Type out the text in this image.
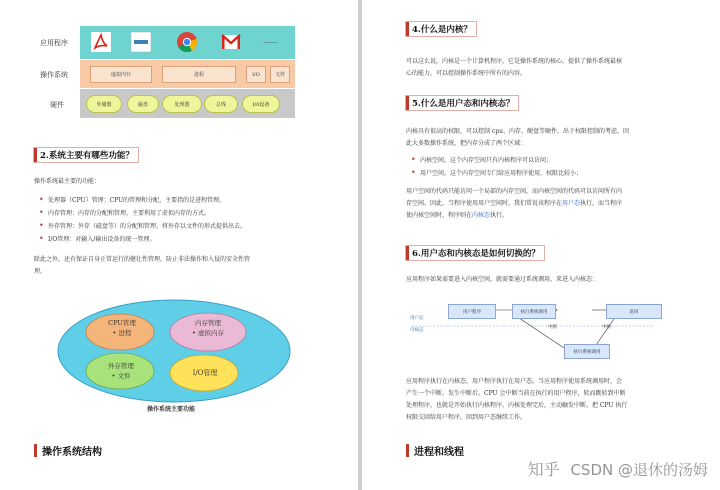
应用程序
操作系统
硬件
……
虚拟内存	进程	I/O	文件
外储器	磁盘	处理器	总线	I/0设备
2.系统主要有哪些功能？
操作系统最主要的功能：
• 处理器（CPU）管理：CPU的管理和分配，主要指的是进程管理。
• 内存管理：内存的分配和管理，主要利用了虚拟内存的方式。
• 外存管理：外存（磁盘等）的分配和管理，将外存以文件的形式提供出去。
• I/O管理：对输入/输出设备的统一管理。
除此之外，还有保证自身正常运行的健壮性管理，防止非法操作和入侵的安全性管
理。
CPU管理
• 进程
内存管理
• 虚拟内存
外存管理
• 文件	I/O管理
操作系统主要功能
操作系统结构
4.什么是内核？
可以这么说，内核是一个计算机程序，它是操作系统的核心，提供了操作系统最核
心的能力，可以控制操作系统中所有的内容。
5.什么是用户态和内核态？
内核具有很高的权限，可以控制 cpu、内存、硬盘等硬件，出于权限控制的考虑，因
此大多数操作系统，把内存分成了两个区域：
• 内核空间，这个内存空间只有内核程序可以访问；
• 用户空间，这个内存空间专门给应用程序使用，权限比较小；
用户空间的代码只能访问一个局部的内存空间，而内核空间的代码可以访问所有内
存空间。因此，当程序使用用户空间时，我们常说该程序在用户态执行，而当程序
使内核空间时，程序则在内核态执行。
6.用户态和内核态是如何切换的？
应用程序如果需要进入内核空间，就需要通过系统调用，来进入内核态：
用户态
内核态
用户程序	执行系统调用	返回
执行系统调用
中断	中断
应用程序执行在内核态，用户程序执行在用户态。当应用程序使用系统调用时，会
产生一个中断。发生中断后，CPU 会中断当前在执行的用户程序，转而跳转到中断
处理程序，也就是开始执行内核程序。内核处理完后，主动触发中断，把 CPU 执行
权限交回给用户程序，回到用户态继续工作。
进程和线程
知乎 CSDN @退休的汤姆
